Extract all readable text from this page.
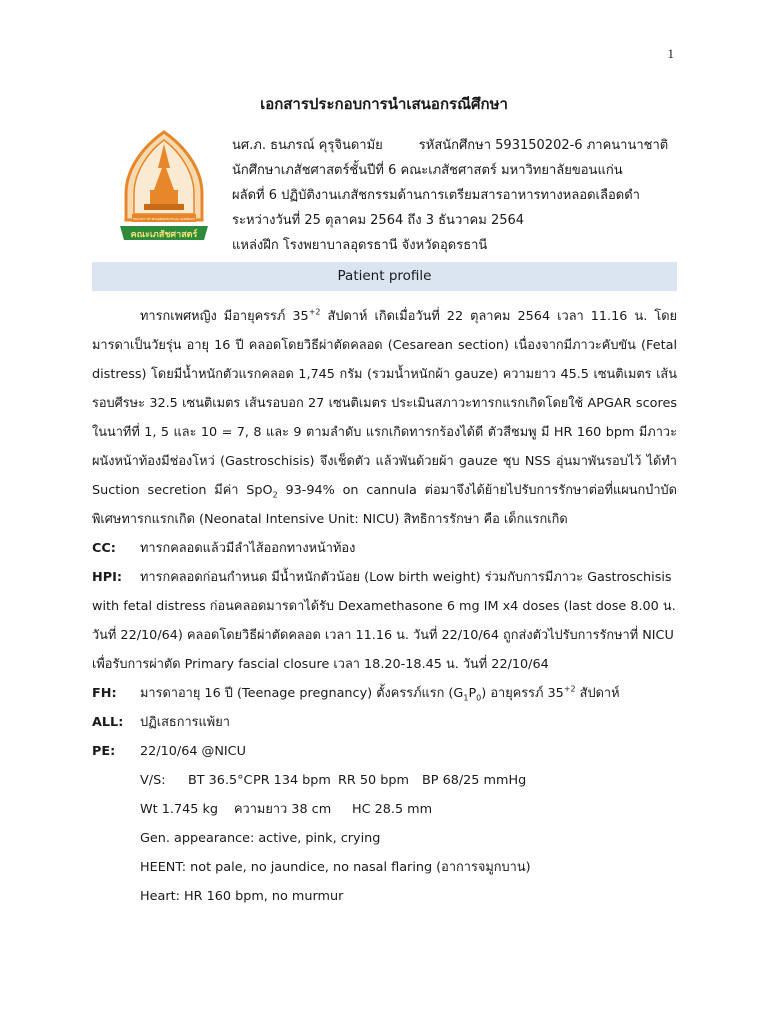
1
เอกสารประกอบการนำเสนอกรณีศึกษา
FACULTY OF PHARMACEUTICAL SCIENCES
คณะเภสัชศาสตร์
นศ.ภ. ธนภรณ์ คุรุจินดามัย	รหัสนักศึกษา 593150202-6 ภาคนานาชาติ
นักศึกษาเภสัชศาสตร์ชั้นปีที่ 6 คณะเภสัชศาสตร์ มหาวิทยาลัยขอนแก่น
ผลัดที่ 6 ปฏิบัติงานเภสัชกรรมด้านการเตรียมสารอาหารทางหลอดเลือดดำ
ระหว่างวันที่ 25 ตุลาคม 2564 ถึง 3 ธันวาคม 2564
แหล่งฝึก โรงพยาบาลอุดรธานี จังหวัดอุดรธานี
Patient profile

ทารกเพศหญิง มีอายุครรภ์ $35^{+2}$ สัปดาห์ เกิดเมื่อวันที่ 22 ตุลาคม 2564 เวลา 11.16 น. โดยมารดาเป็นวัยรุ่น อายุ 16 ปี คลอดโดยวิธีผ่าตัดคลอด (Cesarean section) เนื่องจากมีภาวะคับขัน (Fetal distress) โดยมีน้ำหนักตัวแรกคลอด 1,745 กรัม (รวมน้ำหนักผ้า gauze) ความยาว 45.5 เซนติเมตร เส้นรอบศีรษะ 32.5 เซนติเมตร เส้นรอบอก 27 เซนติเมตร ประเมินสภาวะทารกแรกเกิดโดยใช้ APGAR scores ในนาทีที่ 1, 5 และ 10 = 7, 8 และ 9 ตามลำดับ แรกเกิดทารกร้องได้ดี ตัวสีชมพู มี HR 160 bpm มีภาวะผนังหน้าท้องมีช่องโหว่ (Gastroschisis) จึงเช็ดตัว แล้วพันด้วยผ้า gauze ชุบ NSS อุ่นมาพันรอบไว้ ได้ทำ Suction secretion มีค่า SpO$_2$ 93-94% on cannula ต่อมาจึงได้ย้ายไปรับการรักษาต่อที่แผนกบำบัดพิเศษทารกแรกเกิด (Neonatal Intensive Unit: NICU) สิทธิการรักษา คือ เด็กแรกเกิด

CC:	ทารกคลอดแล้วมีลำไส้ออกทางหน้าท้อง
HPI:	ทารกคลอดก่อนกำหนด มีน้ำหนักตัวน้อย (Low birth weight) ร่วมกับการมีภาวะ Gastroschisis
with fetal distress ก่อนคลอดมารดาได้รับ Dexamethasone 6 mg IM x4 doses (last dose 8.00 น.
วันที่ 22/10/64) คลอดโดยวิธีผ่าตัดคลอด เวลา 11.16 น. วันที่ 22/10/64 ถูกส่งตัวไปรับการรักษาที่ NICU
เพื่อรับการผ่าตัด Primary fascial closure เวลา 18.20-18.45 น. วันที่ 22/10/64
FH:	มารดาอายุ 16 ปี (Teenage pregnancy) ตั้งครรภ์แรก $(G_1P_0)$ อายุครรภ์ $35^{+2}$ สัปดาห์
ALL:	ปฏิเสธการแพ้ยา
PE:	22/10/64 @NICU
V/S: BT 36.5°CPR 134 bpm RR 50 bpm BP 68/25 mmHg
Wt 1.745 kg ความยาว 38 cm HC 28.5 mm
Gen. appearance: active, pink, crying
HEENT: not pale, no jaundice, no nasal flaring (อาการจมูกบาน)
Heart: HR 160 bpm, no murmur
